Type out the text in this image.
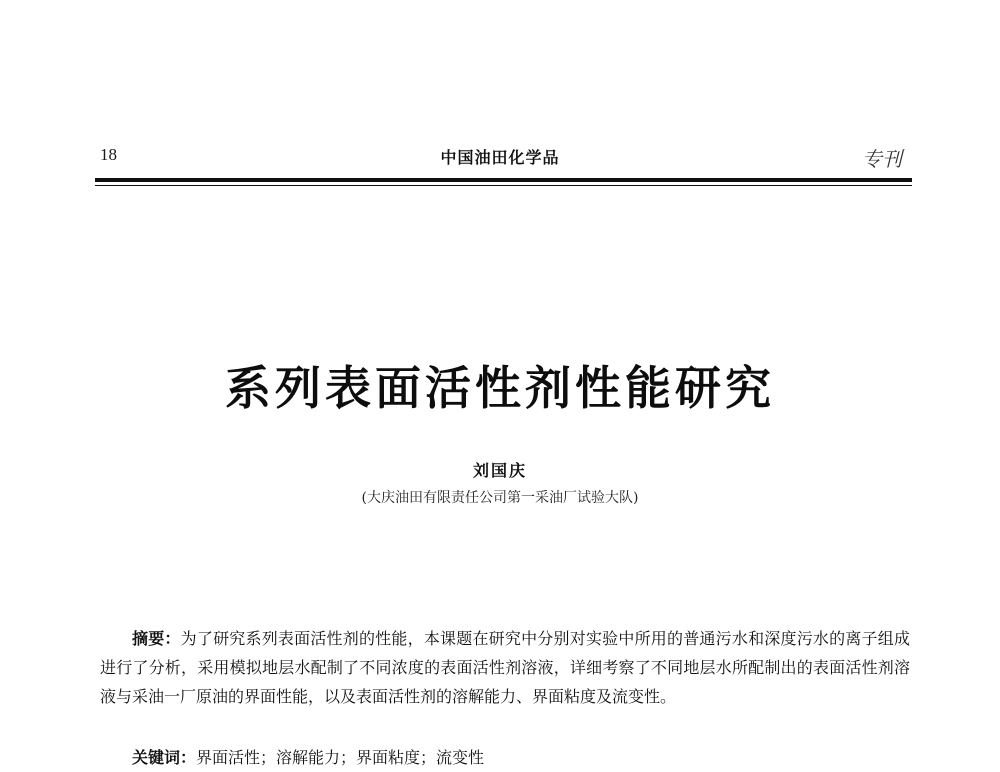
18	中国油田化学品	专刊
系列表面活性剂性能研究
刘国庆
(大庆油田有限责任公司第一采油厂试验大队)

摘要：为了研究系列表面活性剂的性能，本课题在研究中分别对实验中所用的普通污水和深度污水的离子组成进行了分析，采用模拟地层水配制了不同浓度的表面活性剂溶液，详细考察了不同地层水所配制出的表面活性剂溶液与采油一厂原油的界面性能，以及表面活性剂的溶解能力、界面粘度及流变性。

关键词：界面活性；溶解能力；界面粘度；流变性
